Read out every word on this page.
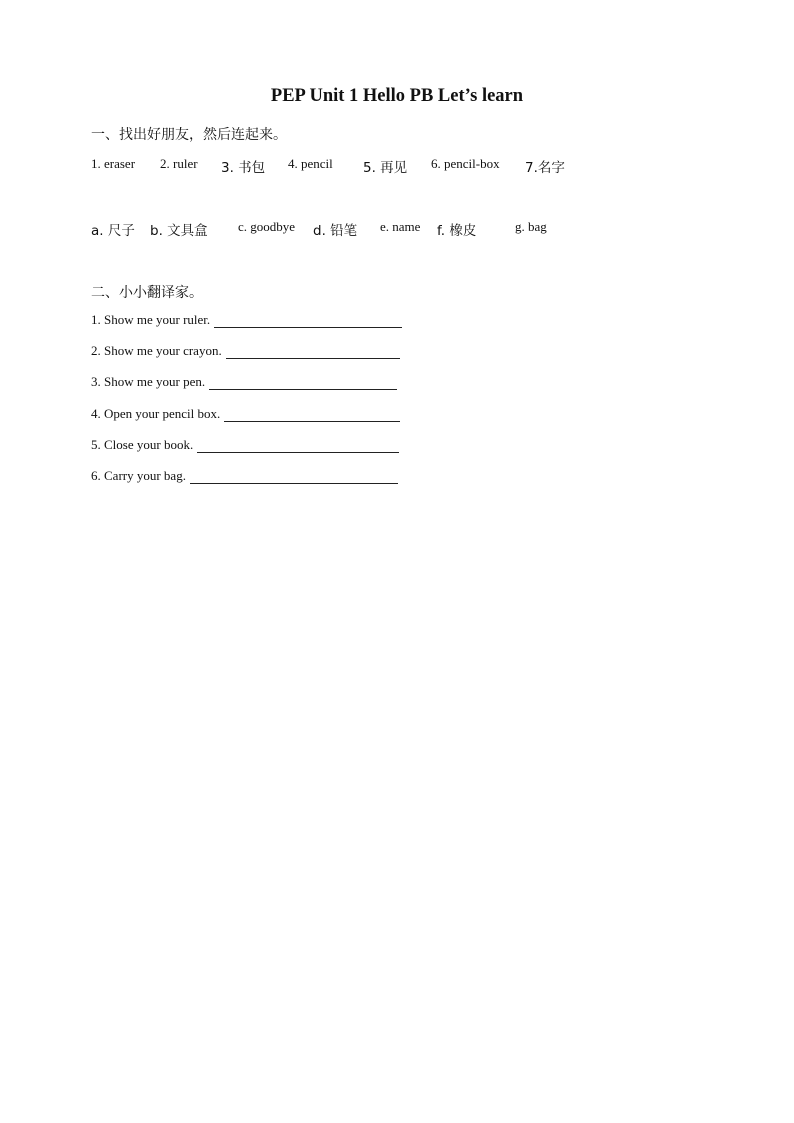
PEP Unit 1 Hello PB Let’s learn
一、找出好朋友，然后连起来。
1. eraser 2. ruler 3. 书包 4. pencil 5. 再见 6. pencil-box 7.名字
a. 尺子 b. 文具盒 c. goodbye d. 铅笔 e. name f. 橡皮	g. bag
二、小小翻译家。
1. Show me your ruler.
2. Show me your crayon.
3. Show me your pen.
4. Open your pencil box.
5. Close your book.
6. Carry your bag.
